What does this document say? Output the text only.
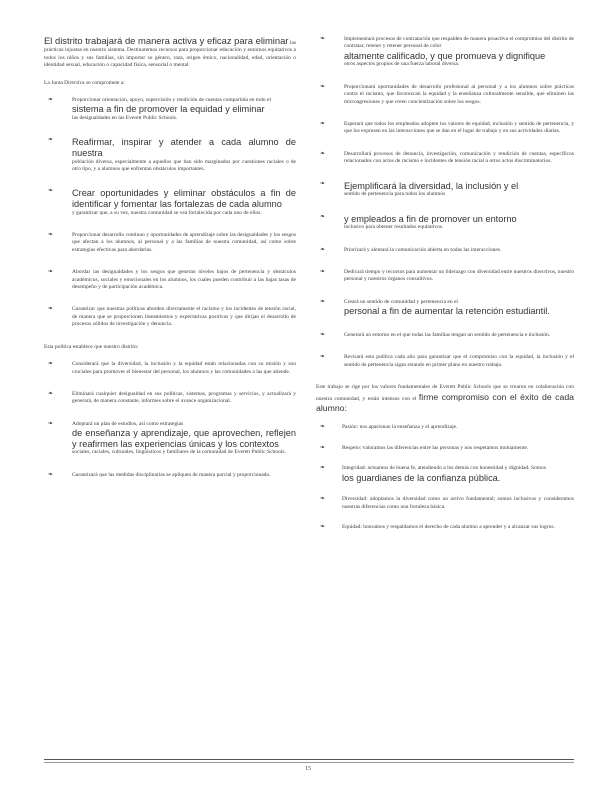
El distrito trabajará de manera activa y eficaz para eliminar las prácticas injustas en nuestro sistema. Destinaremos recursos para proporcionar educación y entornos equitativos a todos los niños y sus familias, sin importar su género, raza, origen étnico, nacionalidad, edad, orientación o identidad sexual, educación o capacidad física, sensorial o mental.
La Junta Directiva se compromete a:
❧	Proporcionar orientación, apoyo, supervisión y rendición de cuentas compartida en todo el
sistema a fin de promover la equidad y eliminar
las desigualdades en las Everett Public Schools.
❧ Reafirmar, inspirar y atender a cada alumno de nuestra
población diversa, especialmente a aquellos que han sido marginados por cuestiones raciales o de otro tipo, y a alumnos que enfrentan obstáculos importantes.
❧ Crear oportunidades y eliminar obstáculos a fin de identificar y fomentar las fortalezas de cada alumno
y garantizar que, a su vez, nuestra comunidad se vea fortalecida por cada uno de ellos.
❧	Proporcionar desarrollo continuo y oportunidades de aprendizaje sobre las desigualdades y los sesgos que afectan a los alumnos, al personal y a las familias de nuestra comunidad, así como sobre estrategias efectivas para abordarlas.
❧	Abordar las desigualdades y los sesgos que generan niveles bajos de pertenencia y obstáculos académicos, sociales y emocionales en los alumnos, los cuales pueden contribuir a las bajas tasas de desempeño y de participación académica.
❧	Garantizar que nuestras políticas aborden directamente el racismo y los incidentes de tensión racial, de manera que se proporcionen lineamientos y expectativas positivas y que dirijan el desarrollo de procesos sólidos de investigación y denuncia.
Esta política establece que nuestro distrito:
❧	Considerará que la diversidad, la inclusión y la equidad están relacionadas con su misión y son cruciales para promover el bienestar del personal, los alumnos y las comunidades a las que atiende.
❧	Eliminará cualquier desigualdad en sus políticas, sistemas, programas y servicios, y actualizará y generará, de manera constante, informes sobre el avance organizacional.
❧	Adoptará un plan de estudios, así como estrategias
de enseñanza y aprendizaje, que aprovechen, reflejen y reafirmen las experiencias únicas y los contextos
sociales, raciales, culturales, lingüísticos y familiares de la comunidad de Everett Public Schools.
❧	Garantizará que las medidas disciplinarias se apliquen de manera parcial y proporcionada.
❧	Implementará procesos de contratación que respalden de manera proactiva el compromiso del distrito de contratar, retener y retener personal de color
altamente calificado, y que promueva y dignifique
otros aspectos propios de una fuerza laboral diversa.
❧	Proporcionará oportunidades de desarrollo profesional al personal y a los alumnos sobre prácticas contra el racismo, que favorezcan la equidad y la enseñanza culturalmente sensible, que eliminen las microagresiones y que creen concientización sobre los sesgos.
❧	Esperará que todos los empleados adopten los valores de equidad, inclusión y sentido de pertenencia, y que los expresen en las interacciones que se dan en el lugar de trabajo y en sus actividades diarias.
❧	Desarrollará procesos de denuncia, investigación, comunicación y rendición de cuentas, específicos relacionados con actos de racismo e incidentes de tensión racial u otros actos discriminatorios.
❧ Ejemplificará la diversidad, la inclusión y el
sentido de pertenencia para todos los alumnos
❧ y empleados a fin de promover un entorno
inclusivo para obtener resultados equitativos.
❧	Priorizará y alentará la comunicación abierta en todas las interacciones.
❧	Dedicará tiempo y recursos para aumentar un liderazgo con diversidad entre nuestros directivos, nuestro personal y nuestros órganos consultivos.
❧	Creará un sentido de comunidad y pertenencia en el
personal a fin de aumentar la retención estudiantil.
❧	Generará un entorno en el que todas las familias tengan un sentido de pertenencia e inclusión.
❧	Revisará esta política cada año para garantizar que el compromiso con la equidad, la inclusión y el sentido de pertenencia sigan estando en primer plano en nuestro trabajo.
Este trabajo se rige por los valores fundamentales de Everett Public Schools que se crearon en colaboración con nuestra comunidad, y están intensos con el firme compromiso con el éxito de cada alumno:
❧	Pasión: nos apasionan la enseñanza y el aprendizaje.
❧	Respeto: valoramos las diferencias entre las personas y nos respetamos mutuamente.
❧	Integridad: actuamos de buena fe, atendiendo a los demás con honestidad y dignidad. Somos
los guardianes de la confianza pública.
❧	Diversidad: adoptamos la diversidad como un activo fundamental; somos inclusivos y consideramos nuestras diferencias como una fortaleza básica.
❧	Equidad: honramos y respaldamos el derecho de cada alumno a aprender y a alcanzar sus logros.
15
